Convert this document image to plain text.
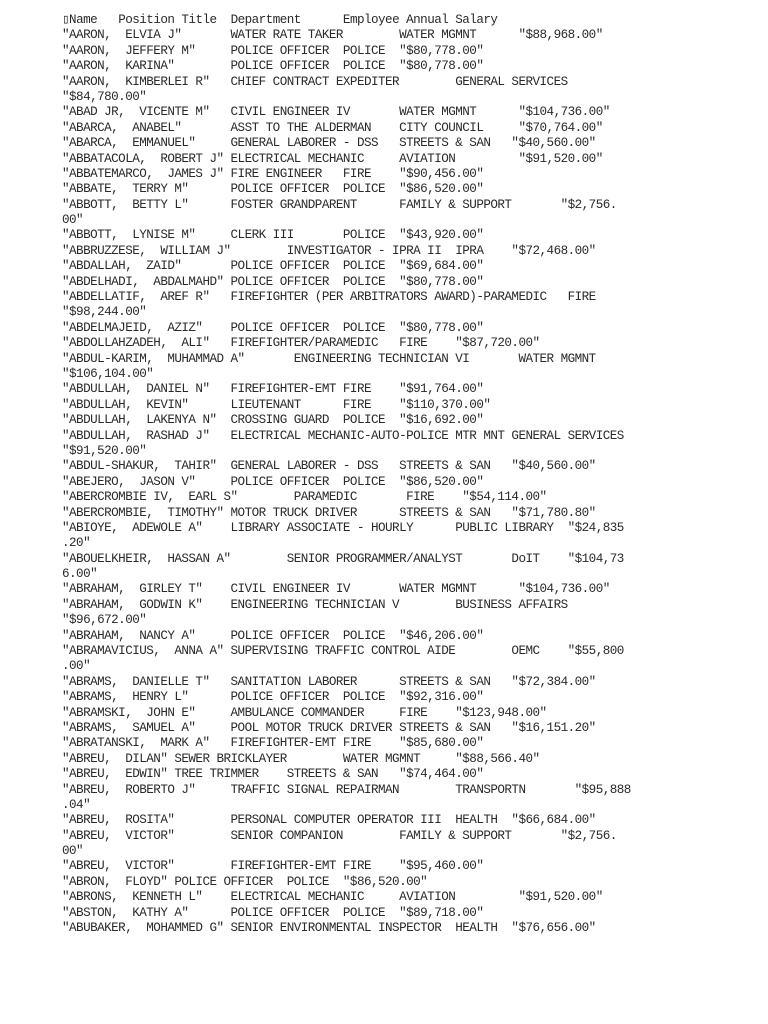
▯Name   Position Title  Department      Employee Annual Salary
"AARON,  ELVIA J"       WATER RATE TAKER        WATER MGMNT      "$88,968.00"
"AARON,  JEFFERY M"     POLICE OFFICER  POLICE  "$80,778.00"
"AARON,  KARINA"        POLICE OFFICER  POLICE  "$80,778.00"
"AARON,  KIMBERLEI R"   CHIEF CONTRACT EXPEDITER        GENERAL SERVICES
"$84,780.00"
"ABAD JR,  VICENTE M"   CIVIL ENGINEER IV       WATER MGMNT      "$104,736.00"
"ABARCA,  ANABEL"       ASST TO THE ALDERMAN    CITY COUNCIL     "$70,764.00"
"ABARCA,  EMMANUEL"     GENERAL LABORER - DSS   STREETS & SAN   "$40,560.00"
"ABBATACOLA,  ROBERT J" ELECTRICAL MECHANIC     AVIATION         "$91,520.00"
"ABBATEMARCO,  JAMES J" FIRE ENGINEER   FIRE    "$90,456.00"
"ABBATE,  TERRY M"      POLICE OFFICER  POLICE  "$86,520.00"
"ABBOTT,  BETTY L"      FOSTER GRANDPARENT      FAMILY & SUPPORT       "$2,756.
00"
"ABBOTT,  LYNISE M"     CLERK III       POLICE  "$43,920.00"
"ABBRUZZESE,  WILLIAM J"        INVESTIGATOR - IPRA II  IPRA    "$72,468.00"
"ABDALLAH,  ZAID"       POLICE OFFICER  POLICE  "$69,684.00"
"ABDELHADI,  ABDALMAHD" POLICE OFFICER  POLICE  "$80,778.00"
"ABDELLATIF,  AREF R"   FIREFIGHTER (PER ARBITRATORS AWARD)-PARAMEDIC   FIRE
"$98,244.00"
"ABDELMAJEID,  AZIZ"    POLICE OFFICER  POLICE  "$80,778.00"
"ABDOLLAHZADEH,  ALI"   FIREFIGHTER/PARAMEDIC   FIRE    "$87,720.00"
"ABDUL-KARIM,  MUHAMMAD A"       ENGINEERING TECHNICIAN VI       WATER MGMNT
"$106,104.00"
"ABDULLAH,  DANIEL N"   FIREFIGHTER-EMT FIRE    "$91,764.00"
"ABDULLAH,  KEVIN"      LIEUTENANT      FIRE    "$110,370.00"
"ABDULLAH,  LAKENYA N"  CROSSING GUARD  POLICE  "$16,692.00"
"ABDULLAH,  RASHAD J"   ELECTRICAL MECHANIC-AUTO-POLICE MTR MNT GENERAL SERVICES
"$91,520.00"
"ABDUL-SHAKUR,  TAHIR"  GENERAL LABORER - DSS   STREETS & SAN   "$40,560.00"
"ABEJERO,  JASON V"     POLICE OFFICER  POLICE  "$86,520.00"
"ABERCROMBIE IV,  EARL S"        PARAMEDIC       FIRE    "$54,114.00"
"ABERCROMBIE,  TIMOTHY" MOTOR TRUCK DRIVER      STREETS & SAN   "$71,780.80"
"ABIOYE,  ADEWOLE A"    LIBRARY ASSOCIATE - HOURLY      PUBLIC LIBRARY  "$24,835
.20"
"ABOUELKHEIR,  HASSAN A"        SENIOR PROGRAMMER/ANALYST       DoIT    "$104,73
6.00"
"ABRAHAM,  GIRLEY T"    CIVIL ENGINEER IV       WATER MGMNT      "$104,736.00"
"ABRAHAM,  GODWIN K"    ENGINEERING TECHNICIAN V        BUSINESS AFFAIRS
"$96,672.00"
"ABRAHAM,  NANCY A"     POLICE OFFICER  POLICE  "$46,206.00"
"ABRAMAVICIUS,  ANNA A" SUPERVISING TRAFFIC CONTROL AIDE        OEMC    "$55,800
.00"
"ABRAMS,  DANIELLE T"   SANITATION LABORER      STREETS & SAN   "$72,384.00"
"ABRAMS,  HENRY L"      POLICE OFFICER  POLICE  "$92,316.00"
"ABRAMSKI,  JOHN E"     AMBULANCE COMMANDER     FIRE    "$123,948.00"
"ABRAMS,  SAMUEL A"     POOL MOTOR TRUCK DRIVER STREETS & SAN   "$16,151.20"
"ABRATANSKI,  MARK A"   FIREFIGHTER-EMT FIRE    "$85,680.00"
"ABREU,  DILAN" SEWER BRICKLAYER        WATER MGMNT     "$88,566.40"
"ABREU,  EDWIN" TREE TRIMMER    STREETS & SAN   "$74,464.00"
"ABREU,  ROBERTO J"     TRAFFIC SIGNAL REPAIRMAN        TRANSPORTN       "$95,888
.04"
"ABREU,  ROSITA"        PERSONAL COMPUTER OPERATOR III  HEALTH  "$66,684.00"
"ABREU,  VICTOR"        SENIOR COMPANION        FAMILY & SUPPORT       "$2,756.
00"
"ABREU,  VICTOR"        FIREFIGHTER-EMT FIRE    "$95,460.00"
"ABRON,  FLOYD" POLICE OFFICER  POLICE  "$86,520.00"
"ABRONS,  KENNETH L"    ELECTRICAL MECHANIC     AVIATION         "$91,520.00"
"ABSTON,  KATHY A"      POLICE OFFICER  POLICE  "$89,718.00"
"ABUBAKER,  MOHAMMED G" SENIOR ENVIRONMENTAL INSPECTOR  HEALTH  "$76,656.00"
